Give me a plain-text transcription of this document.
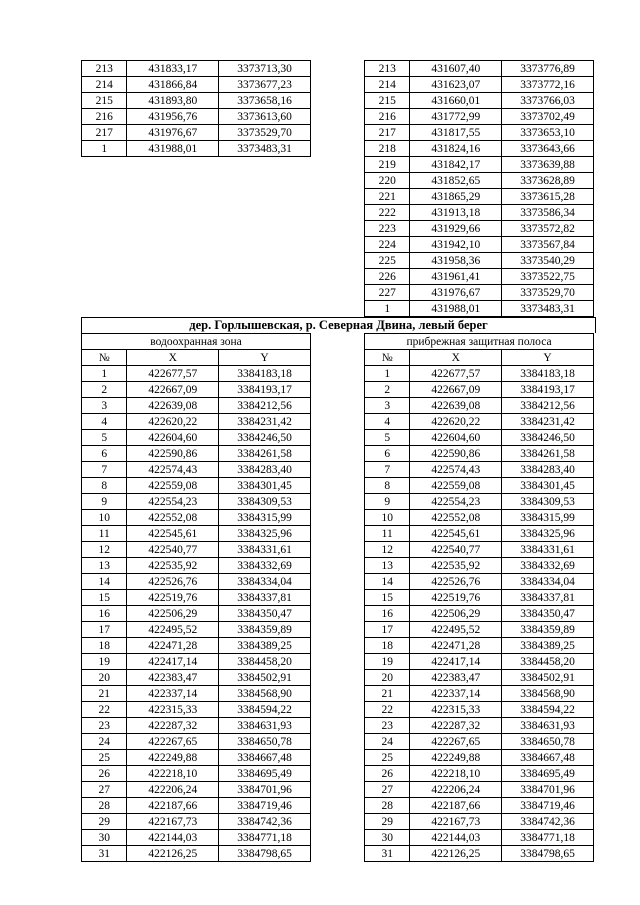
213	431833,17	3373713,30
214	431866,84	3373677,23
215	431893,80	3373658,16
216	431956,76	3373613,60
217	431976,67	3373529,70
1	431988,01	3373483,31
213	431607,40	3373776,89
214	431623,07	3373772,16
215	431660,01	3373766,03
216	431772,99	3373702,49
217	431817,55	3373653,10
218	431824,16	3373643,66
219	431842,17	3373639,88
220	431852,65	3373628,89
221	431865,29	3373615,28
222	431913,18	3373586,34
223	431929,66	3373572,82
224	431942,10	3373567,84
225	431958,36	3373540,29
226	431961,41	3373522,75
227	431976,67	3373529,70
1	431988,01	3373483,31
дер. Горлышевская, р. Северная Двина, левый берег
водоохранная зона		
№	X	Y
1	422677,57	3384183,18
2	422667,09	3384193,17
3	422639,08	3384212,56
4	422620,22	3384231,42
5	422604,60	3384246,50
6	422590,86	3384261,58
7	422574,43	3384283,40
8	422559,08	3384301,45
9	422554,23	3384309,53
10	422552,08	3384315,99
11	422545,61	3384325,96
12	422540,77	3384331,61
13	422535,92	3384332,69
14	422526,76	3384334,04
15	422519,76	3384337,81
16	422506,29	3384350,47
17	422495,52	3384359,89
18	422471,28	3384389,25
19	422417,14	3384458,20
20	422383,47	3384502,91
21	422337,14	3384568,90
22	422315,33	3384594,22
23	422287,32	3384631,93
24	422267,65	3384650,78
25	422249,88	3384667,48
26	422218,10	3384695,49
27	422206,24	3384701,96
28	422187,66	3384719,46
29	422167,73	3384742,36
30	422144,03	3384771,18
31	422126,25	3384798,65
прибрежная защитная полоса		
№	X	Y
1	422677,57	3384183,18
2	422667,09	3384193,17
3	422639,08	3384212,56
4	422620,22	3384231,42
5	422604,60	3384246,50
6	422590,86	3384261,58
7	422574,43	3384283,40
8	422559,08	3384301,45
9	422554,23	3384309,53
10	422552,08	3384315,99
11	422545,61	3384325,96
12	422540,77	3384331,61
13	422535,92	3384332,69
14	422526,76	3384334,04
15	422519,76	3384337,81
16	422506,29	3384350,47
17	422495,52	3384359,89
18	422471,28	3384389,25
19	422417,14	3384458,20
20	422383,47	3384502,91
21	422337,14	3384568,90
22	422315,33	3384594,22
23	422287,32	3384631,93
24	422267,65	3384650,78
25	422249,88	3384667,48
26	422218,10	3384695,49
27	422206,24	3384701,96
28	422187,66	3384719,46
29	422167,73	3384742,36
30	422144,03	3384771,18
31	422126,25	3384798,65
